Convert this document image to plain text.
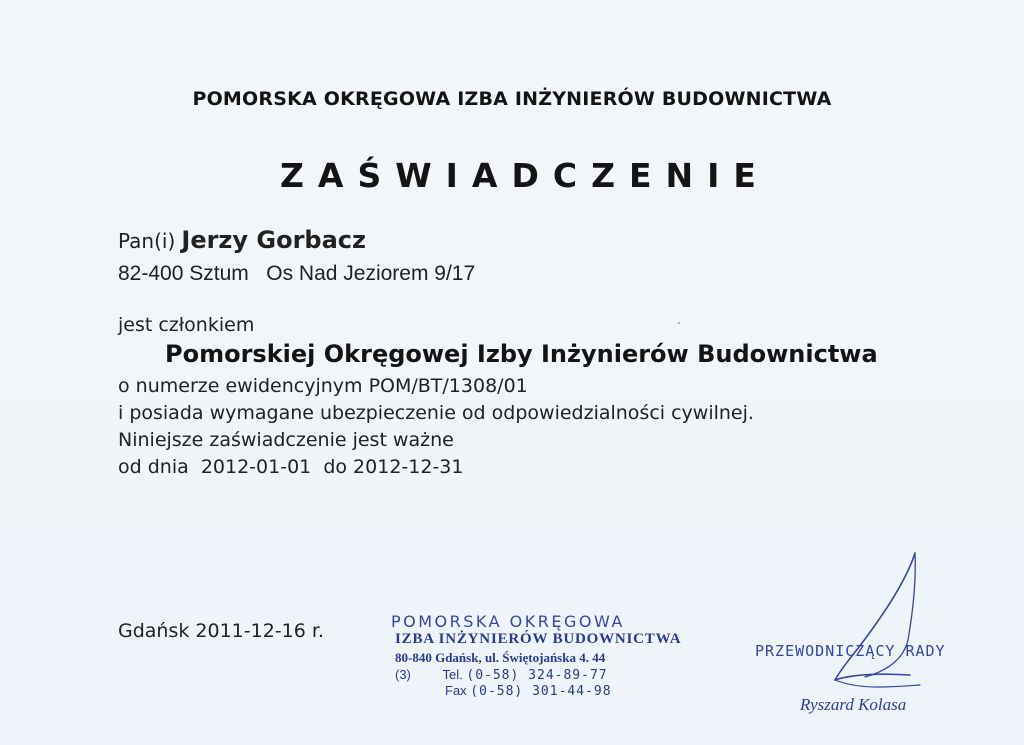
POMORSKA OKRĘGOWA IZBA INŻYNIERÓW BUDOWNICTWA
ZAŚWIADCZENIE
Pan(i) Jerzy Gorbacz
82-400 Sztum   Os Nad Jeziorem 9/17
jest członkiem
Pomorskiej Okręgowej Izby Inżynierów Budownictwa
o numerze ewidencyjnym POM/BT/1308/01
i posiada wymagane ubezpieczenie od odpowiedzialności cywilnej.
Niniejsze zaświadczenie jest ważne
od dnia  2012-01-01  do 2012-12-31
Gdańsk 2011-12-16 r.	POMORSKA OKRĘGOWA
IZBA INŻYNIERÓW BUDOWNICTWA
80-840 Gdańsk, ul. Świętojańska 4. 44
(3) Tel. (0-58) 324-89-77
Fax (0-58) 301-44-98
PRZEWODNICZĄCY RADY
Ryszard Kolasa
